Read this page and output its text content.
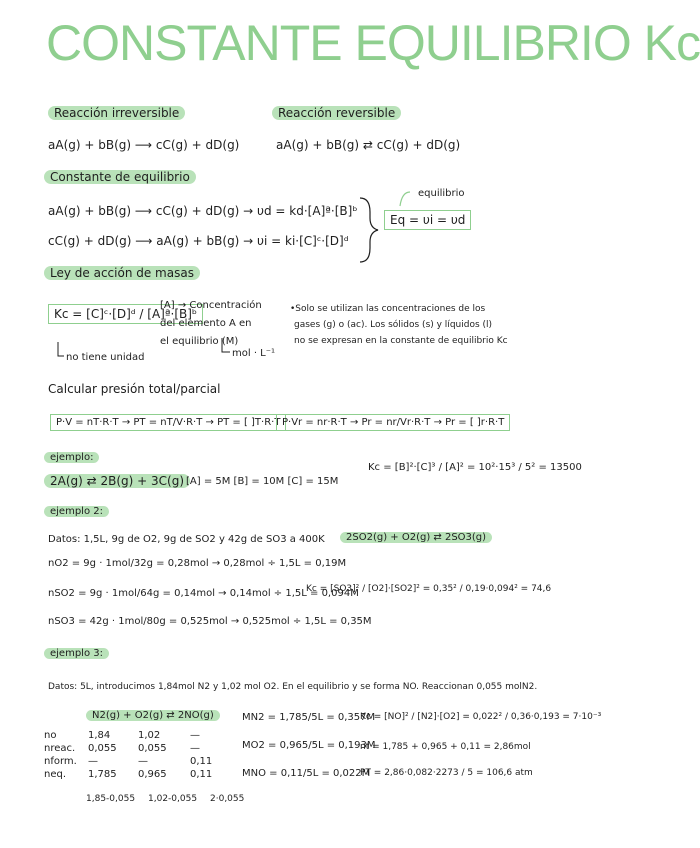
CONSTANTE EQUILIBRIO Kc
Reacción irreversible
aA(g) + bB(g) ⟶ cC(g) + dD(g)
Reacción reversible
aA(g) + bB(g) ⇄ cC(g) + dD(g)
Constante de equilibrio
aA(g) + bB(g) ⟶ cC(g) + dD(g) → υd = kd·[A]ª·[B]ᵇ
cC(g) + dD(g) ⟶ aA(g) + bB(g) → υi = ki·[C]ᶜ·[D]ᵈ
equilibrio
Eq = υi = υd
Ley de acción de masas
Kc = [C]ᶜ·[D]ᵈ / [A]ª·[B]ᵇ
no tiene unidad
[A] → Concentración
del elemento A en
el equilibrio (M)
mol · L⁻¹
•Solo se utilizan las concentraciones de los
gases (g) o (ac). Los sólidos (s) y líquidos (l)
no se expresan en la constante de equilibrio Kc
Calcular presión total/parcial
P·V = nT·R·T → PT = nT/V·R·T → PT = [ ]T·R·T P·Vr = nr·R·T → Pr = nr/Vr·R·T → Pr = [ ]r·R·T
ejemplo:
2A(g) ⇄ 2B(g) + 3C(g) [A] = 5M [B] = 10M [C] = 15M
Kc = [B]²·[C]³ / [A]² = 10²·15³ / 5² = 13500
ejemplo 2:
Datos: 1,5L, 9g de O2, 9g de SO2 y 42g de SO3 a 400K	2SO2(g) + O2(g) ⇄ 2SO3(g)
nO2 = 9g · 1mol/32g = 0,28mol → 0,28mol ÷ 1,5L = 0,19M
nSO2 = 9g · 1mol/64g = 0,14mol → 0,14mol ÷ 1,5L = 0,094M
Kc = [SO3]² / [O2]·[SO2]² = 0,35² / 0,19·0,094² = 74,6
nSO3 = 42g · 1mol/80g = 0,525mol → 0,525mol ÷ 1,5L = 0,35M
ejemplo 3:
Datos: 5L, introducimos 1,84mol N2 y 1,02 mol O2. En el equilibrio y se forma NO. Reaccionan 0,055 molN2.
N2(g) + O2(g) ⇄ 2NO(g)
no	1,84	1,02	—
nreac.	0,055	0,055	—
nform.	—	—	0,11
neq.	1,785	0,965	0,11
1,85-0,055 1,02-0,055 2·0,055
MN2 = 1,785/5L = 0,357M
MO2 = 0,965/5L = 0,193M
MNO = 0,11/5L = 0,022M
Kc = [NO]² / [N2]·[O2] = 0,022² / 0,36·0,193 = 7·10⁻³
nt = 1,785 + 0,965 + 0,11 = 2,86mol
PT = 2,86·0,082·2273 / 5 = 106,6 atm
